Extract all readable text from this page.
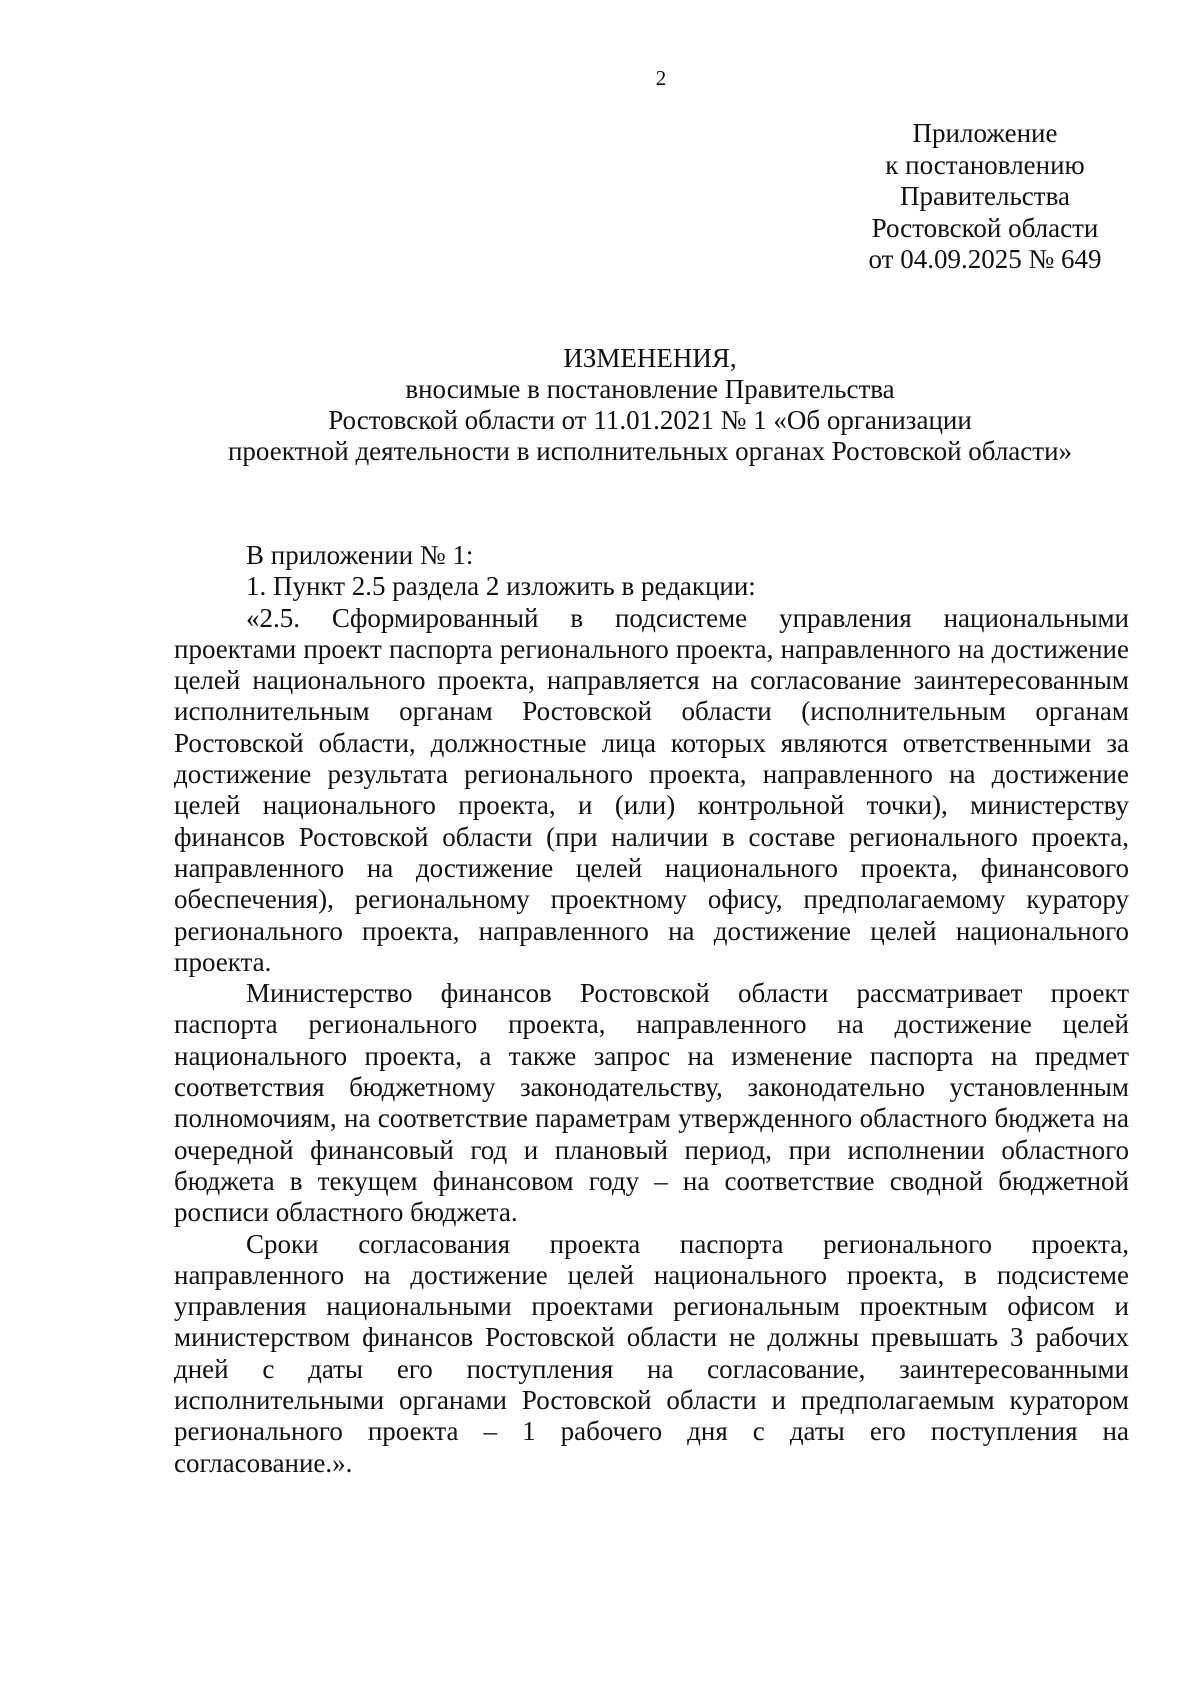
2
Приложение
к постановлению
Правительства
Ростовской области
от 04.09.2025 № 649
ИЗМЕНЕНИЯ,
вносимые в постановление Правительства
Ростовской области от 11.01.2021 № 1 «Об организации
проектной деятельности в исполнительных органах Ростовской области»

В приложении № 1:

1. Пункт 2.5 раздела 2 изложить в редакции:

«2.5. Сформированный в подсистеме управления национальными проектами проект паспорта регионального проекта, направленного на достижение целей национального проекта, направляется на согласование заинтересованным исполнительным органам Ростовской области (исполнительным органам Ростовской области, должностные лица которых являются ответственными за достижение результата регионального проекта, направленного на достижение целей национального проекта, и (или) контрольной точки), министерству финансов Ростовской области (при наличии в составе регионального проекта, направленного на достижение целей национального проекта, финансового обеспечения), региональному проектному офису, предполагаемому куратору регионального проекта, направленного на достижение целей национального проекта.

Министерство финансов Ростовской области рассматривает проект паспорта регионального проекта, направленного на достижение целей национального проекта, а также запрос на изменение паспорта на предмет соответствия бюджетному законодательству, законодательно установленным полномочиям, на соответствие параметрам утвержденного областного бюджета на очередной финансовый год и плановый период, при исполнении областного бюджета в текущем финансовом году – на соответствие сводной бюджетной росписи областного бюджета.

Сроки согласования проекта паспорта регионального проекта, направленного на достижение целей национального проекта, в подсистеме управления национальными проектами региональным проектным офисом и министерством финансов Ростовской области не должны превышать 3 рабочих дней с даты его поступления на согласование, заинтересованными исполнительными органами Ростовской области и предполагаемым куратором регионального проекта – 1 рабочего дня с даты его поступления на согласование.».
